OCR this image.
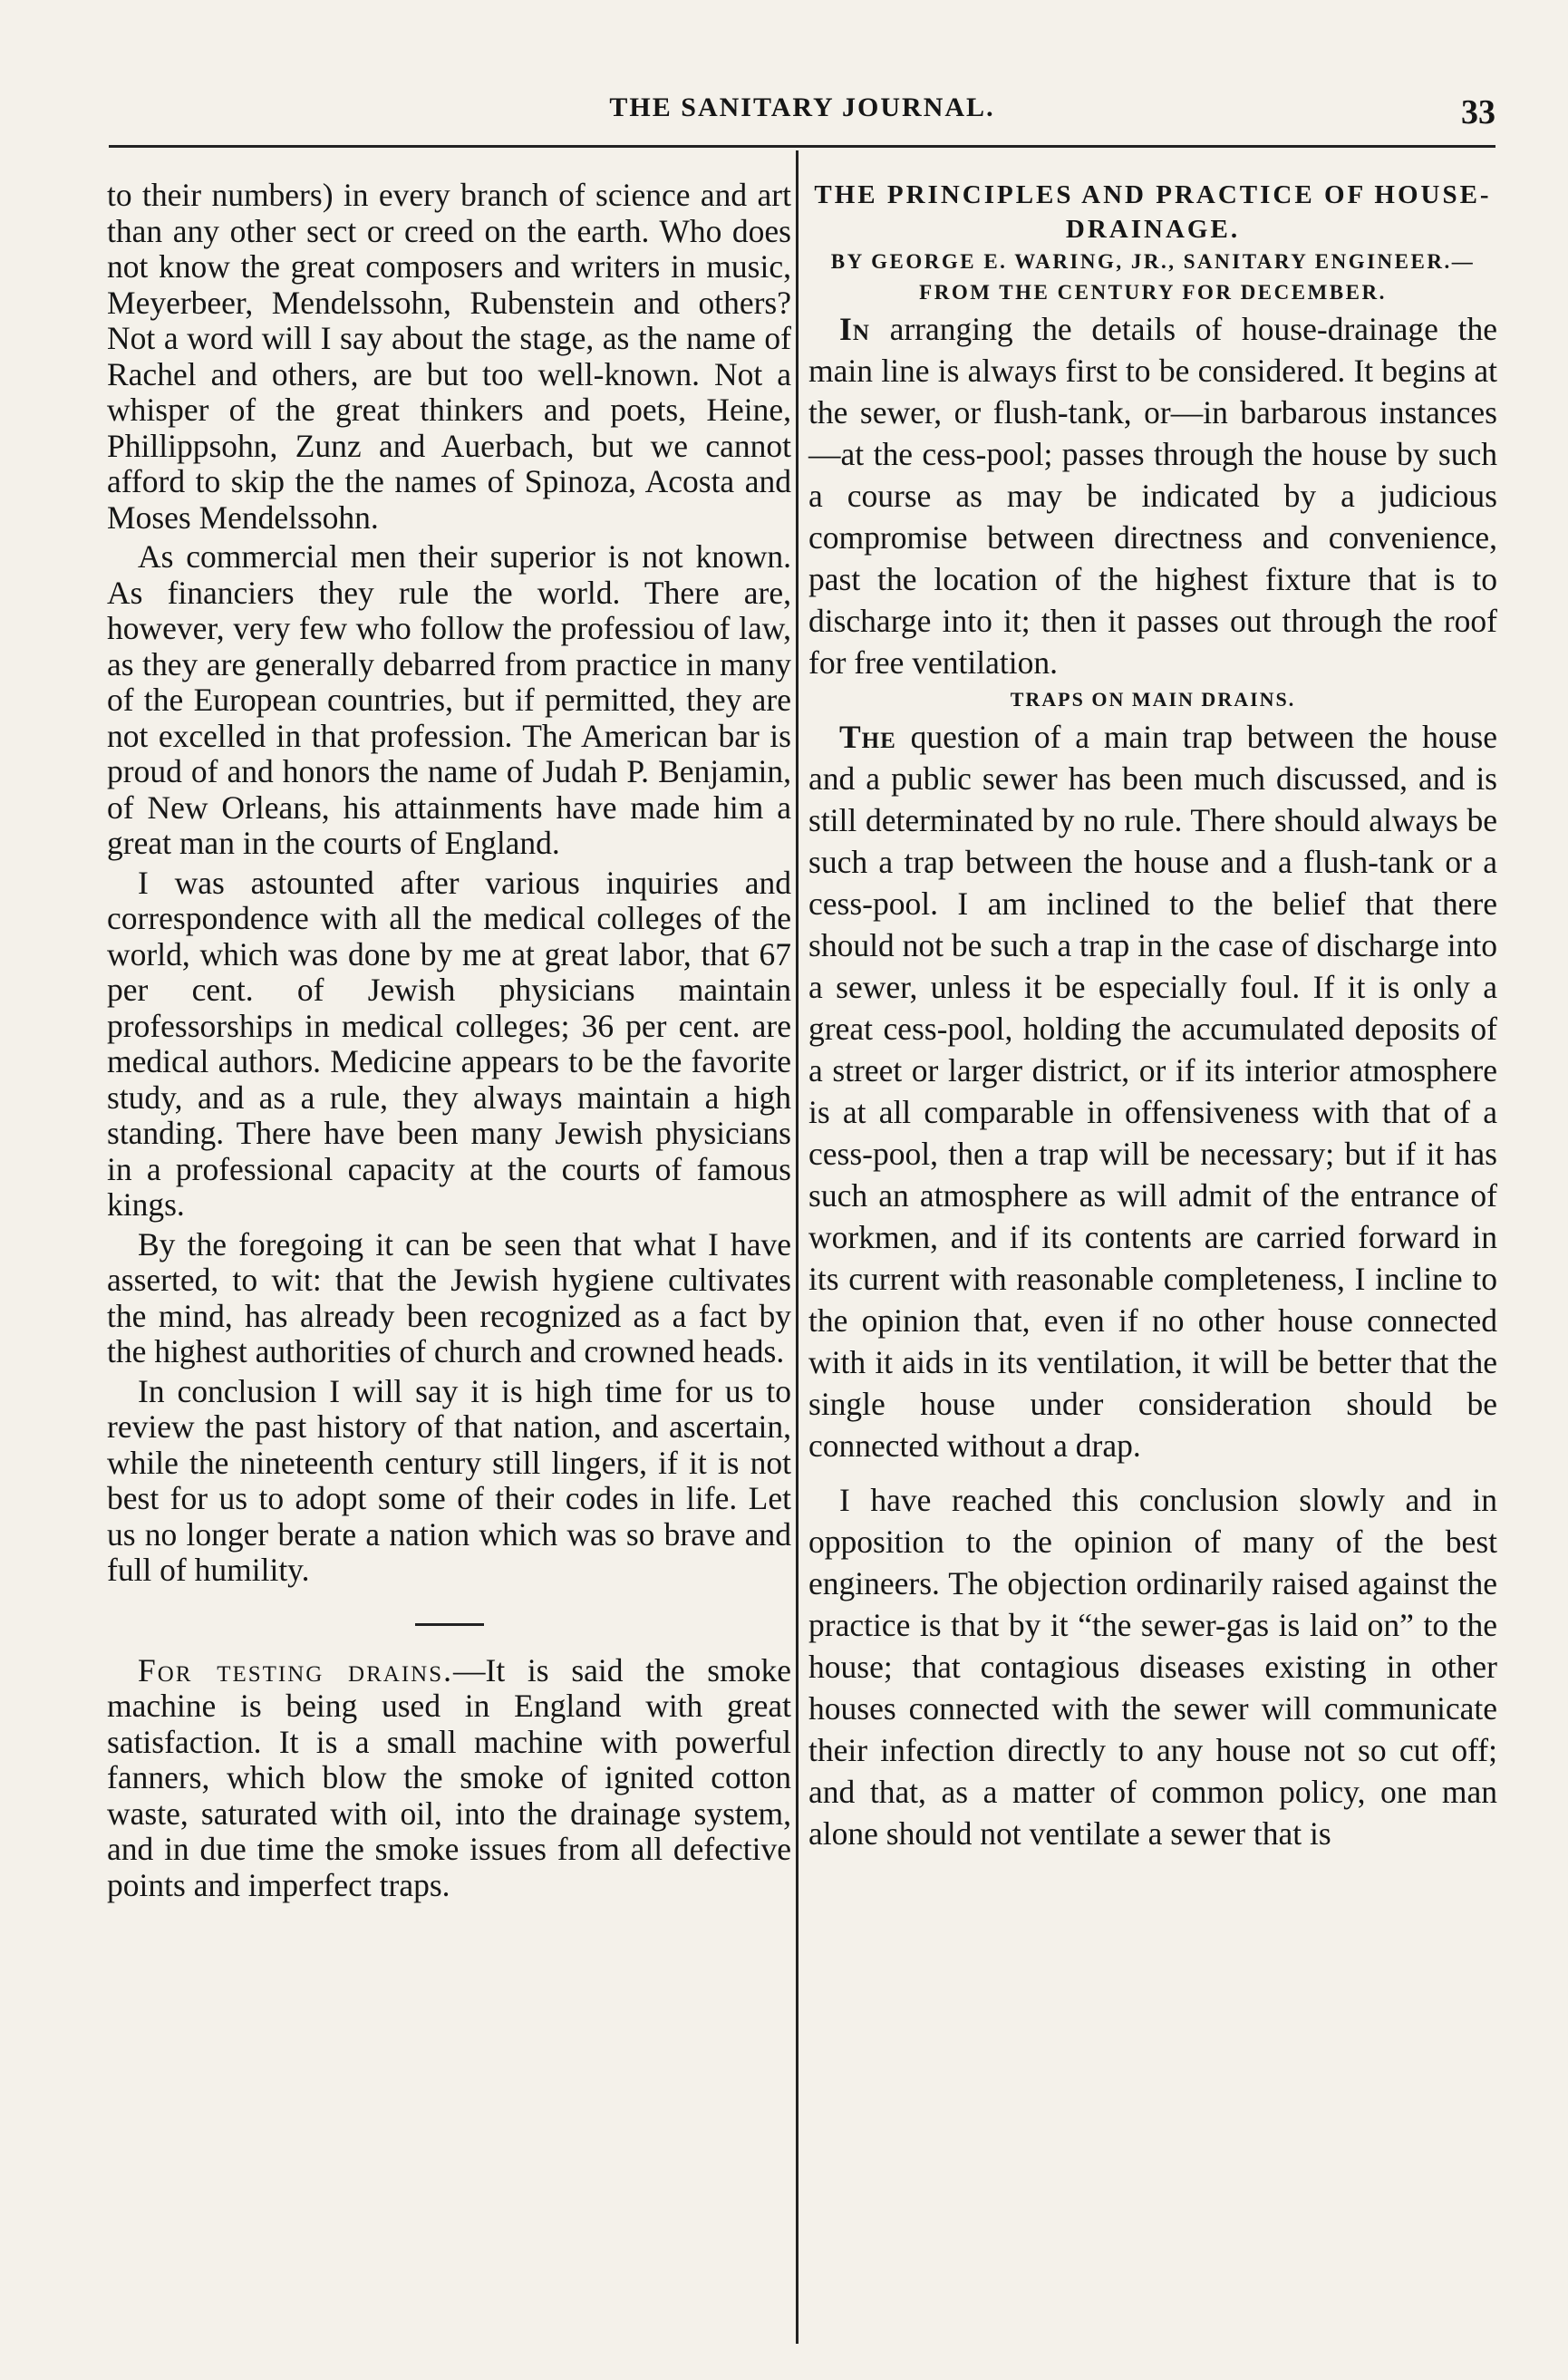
THE SANITARY JOURNAL.	33

to their numbers) in every branch of science and art than any other sect or creed on the earth. Who does not know the great composers and writers in music, Meyerbeer, Mendelssohn, Rubenstein and others? Not a word will I say about the stage, as the name of Rachel and others, are but too well-known. Not a whisper of the great thinkers and poets, Heine, Phillippsohn, Zunz and Auerbach, but we cannot afford to skip the the names of Spinoza, Acosta and Moses Mendelssohn.

As commercial men their superior is not known. As financiers they rule the world. There are, however, very few who follow the professiou of law, as they are generally debarred from practice in many of the European countries, but if permitted, they are not excelled in that profession. The American bar is proud of and honors the name of Judah P. Benjamin, of New Orleans, his attainments have made him a great man in the courts of England.

I was astounted after various inquiries and correspondence with all the medical colleges of the world, which was done by me at great labor, that 67 per cent. of Jewish physicians maintain professorships in medical colleges; 36 per cent. are medical authors. Medicine appears to be the favorite study, and as a rule, they always maintain a high standing. There have been many Jewish physicians in a professional capacity at the courts of famous kings.

By the foregoing it can be seen that what I have asserted, to wit: that the Jewish hygiene cultivates the mind, has already been recognized as a fact by the highest authorities of church and crowned heads.

In conclusion I will say it is high time for us to review the past history of that nation, and ascertain, while the nineteenth century still lingers, if it is not best for us to adopt some of their codes in life. Let us no longer berate a nation which was so brave and full of humility.

For testing drains.—It is said the smoke machine is being used in England with great satisfaction. It is a small machine with powerful fanners, which blow the smoke of ignited cotton waste, saturated with oil, into the drainage system, and in due time the smoke issues from all defective points and imperfect traps.

THE PRINCIPLES AND PRACTICE OF HOUSE-DRAINAGE.

BY GEORGE E. WARING, JR., SANITARY ENGINEER.—FROM THE CENTURY FOR DECEMBER.

In arranging the details of house-drainage the main line is always first to be considered. It begins at the sewer, or flush-tank, or—in barbarous instances—at the cess-pool; passes through the house by such a course as may be indicated by a judicious compromise between directness and convenience, past the location of the highest fixture that is to discharge into it; then it passes out through the roof for free ventilation.

TRAPS ON MAIN DRAINS.

The question of a main trap between the house and a public sewer has been much discussed, and is still determinated by no rule. There should always be such a trap between the house and a flush-tank or a cess-pool. I am inclined to the belief that there should not be such a trap in the case of discharge into a sewer, unless it be especially foul. If it is only a great cess-pool, holding the accumulated deposits of a street or larger district, or if its interior atmosphere is at all comparable in offensiveness with that of a cess-pool, then a trap will be necessary; but if it has such an atmosphere as will admit of the entrance of workmen, and if its contents are carried forward in its current with reasonable completeness, I incline to the opinion that, even if no other house connected with it aids in its ventilation, it will be better that the single house under consideration should be connected without a drap.

I have reached this conclusion slowly and in opposition to the opinion of many of the best engineers. The objection ordinarily raised against the practice is that by it “the sewer-gas is laid on” to the house; that contagious diseases existing in other houses connected with the sewer will communicate their infection directly to any house not so cut off; and that, as a matter of common policy, one man alone should not ventilate a sewer that is
